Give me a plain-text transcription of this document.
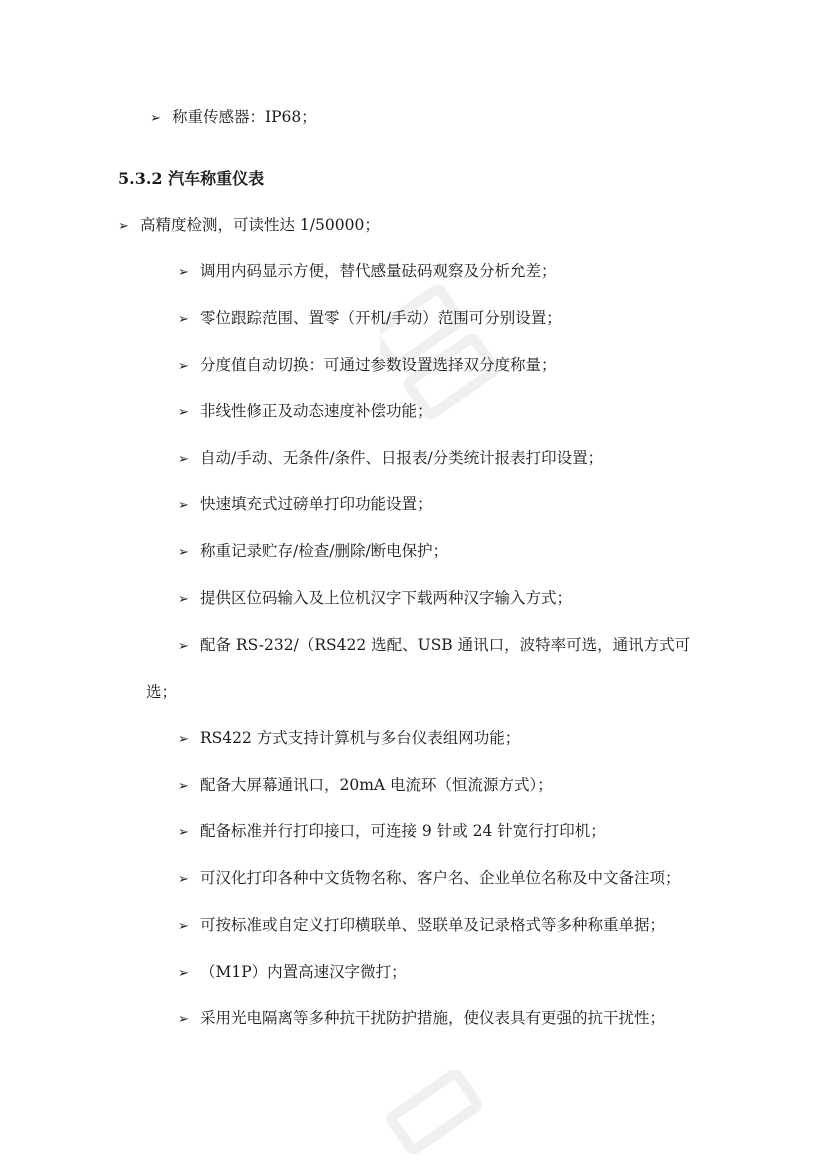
➢ 称重传感器：IP68；
5.3.2 汽车称重仪表
➢ 高精度检测，可读性达 1/50000；
➢ 调用内码显示方便，替代感量砝码观察及分析允差；
➢ 零位跟踪范围、置零（开机/手动）范围可分别设置；
➢ 分度值自动切换：可通过参数设置选择双分度称量；
➢ 非线性修正及动态速度补偿功能；
➢ 自动/手动、无条件/条件、日报表/分类统计报表打印设置；
➢ 快速填充式过磅单打印功能设置；
➢ 称重记录贮存/检查/删除/断电保护；
➢ 提供区位码输入及上位机汉字下载两种汉字输入方式；
➢ 配备 RS-232/（RS422 选配、USB 通讯口，波特率可选，通讯方式可
选；
➢ RS422 方式支持计算机与多台仪表组网功能；
➢ 配备大屏幕通讯口，20mA 电流环（恒流源方式）；
➢ 配备标准并行打印接口，可连接 9 针或 24 针宽行打印机；
➢ 可汉化打印各种中文货物名称、客户名、企业单位名称及中文备注项；
➢ 可按标准或自定义打印横联单、竖联单及记录格式等多种称重单据；
➢ （M1P）内置高速汉字微打；
➢ 采用光电隔离等多种抗干扰防护措施，使仪表具有更强的抗干扰性；
